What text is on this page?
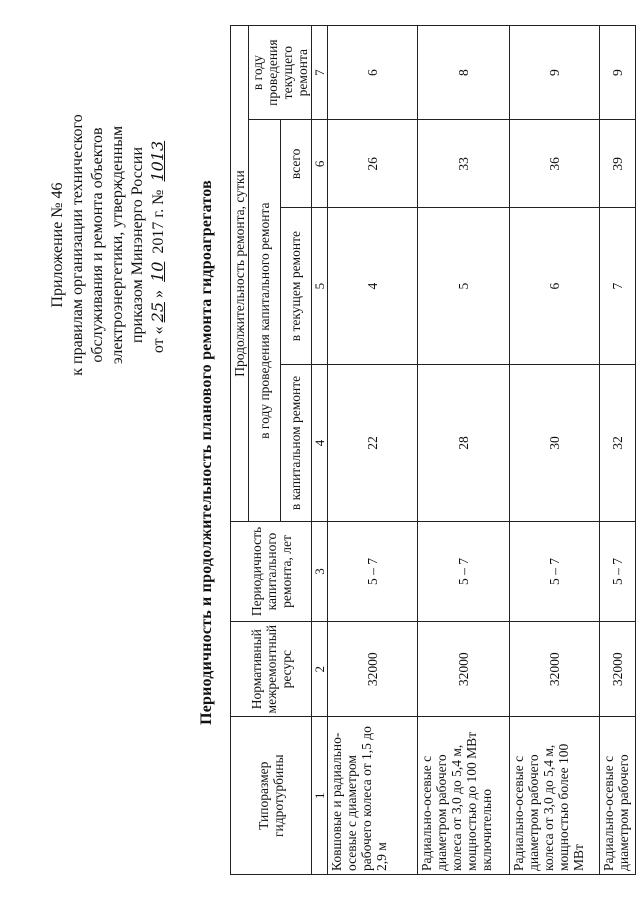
Приложение № 46 к правилам организации технического обслуживания и ремонта объектов электроэнергетики, утвержденным приказом Минэнерго России от «25» 10 2017 г. № 1013
Периодичность и продолжительность планового ремонта гидроагрегатов
Типоразмер гидротурбины	Нормативный межремонтный ресурс	Периодичность капитального ремонта, лет	Продолжительность ремонта, сутки			
			в году проведения капитального ремонта			в году проведения текущего ремонта
			в капитальном ремонте	в текущем ремонте	всего	
1	2	3	4	5	6	7
Ковшовые и радиально-осевые с диаметром рабочего колеса от 1,5 до 2,9 м	32000	5 – 7	22	4	26	6
Радиально-осевые с диаметром рабочего колеса от 3,0 до 5,4 м, мощностью до 100 МВт включительно	32000	5 – 7	28	5	33	8
Радиально-осевые с диаметром рабочего колеса от 3,0 до 5,4 м, мощностью более 100 МВт	32000	5 – 7	30	6	36	9
Радиально-осевые с диаметром рабочего	32000	5 – 7	32	7	39	9
